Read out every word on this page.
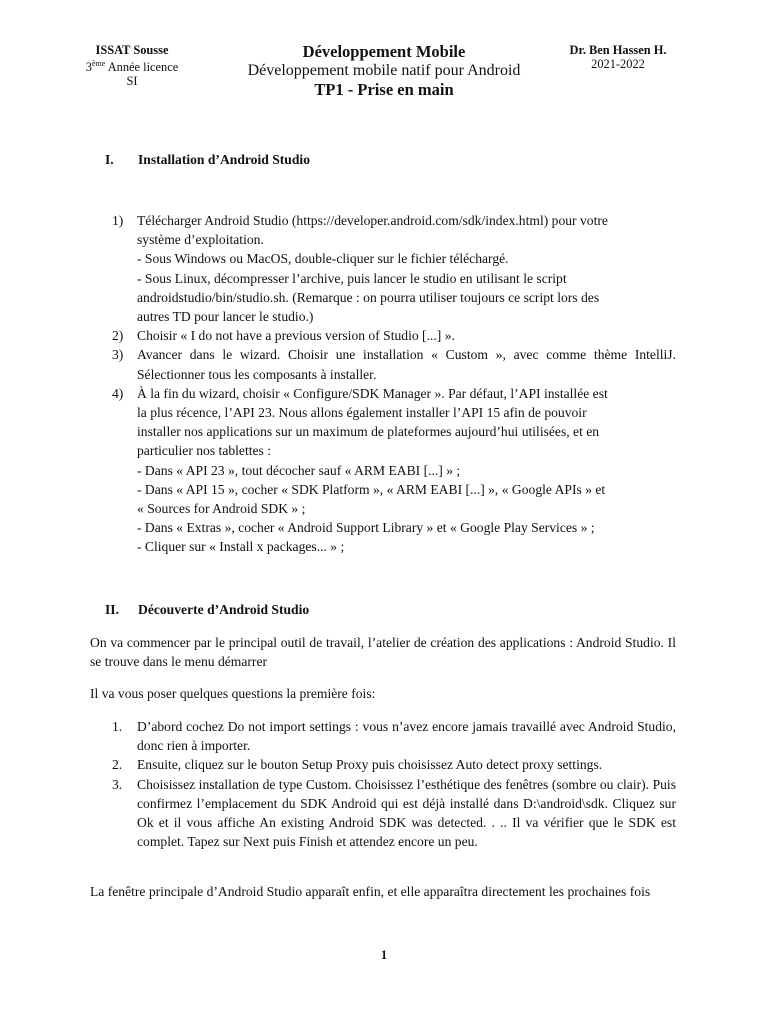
ISSAT Sousse
3ème Année licence
SI
Développement Mobile
Développement mobile natif pour Android
TP1 - Prise en main
Dr. Ben Hassen H.
2021-2022
I. Installation d’Android Studio
1)	Télécharger Android Studio (https://developer.android.com/sdk/index.html) pour votre
système d’exploitation.
- Sous Windows ou MacOS, double-cliquer sur le fichier téléchargé.
- Sous Linux, décompresser l’archive, puis lancer le studio en utilisant le script
androidstudio/bin/studio.sh. (Remarque : on pourra utiliser toujours ce script lors des
autres TD pour lancer le studio.)
2)	Choisir « I do not have a previous version of Studio [...] ».
3)	Avancer dans le wizard. Choisir une installation « Custom », avec comme thème IntelliJ. Sélectionner tous les composants à installer.
4)	À la fin du wizard, choisir « Configure/SDK Manager ». Par défaut, l’API installée est
la plus récence, l’API 23. Nous allons également installer l’API 15 afin de pouvoir
installer nos applications sur un maximum de plateformes aujourd’hui utilisées, et en
particulier nos tablettes :
- Dans « API 23 », tout décocher sauf « ARM EABI [...] » ;
- Dans « API 15 », cocher « SDK Platform », « ARM EABI [...] », « Google APIs » et
« Sources for Android SDK » ;
- Dans « Extras », cocher « Android Support Library » et « Google Play Services » ;
- Cliquer sur « Install x packages... » ;
II. Découverte d’Android Studio
On va commencer par le principal outil de travail, l’atelier de création des applications : Android Studio. Il se trouve dans le menu démarrer
Il va vous poser quelques questions la première fois:
1.	D’abord cochez Do not import settings : vous n’avez encore jamais travaillé avec Android Studio, donc rien à importer.
2.	Ensuite, cliquez sur le bouton Setup Proxy puis choisissez Auto detect proxy settings.
3.	Choisissez installation de type Custom. Choisissez l’esthétique des fenêtres (sombre ou clair). Puis confirmez l’emplacement du SDK Android qui est déjà installé dans D:\android\sdk. Cliquez sur Ok et il vous affiche An existing Android SDK was detected. . .. Il va vérifier que le SDK est complet. Tapez sur Next puis Finish et attendez encore un peu.
La fenêtre principale d’Android Studio apparaît enfin, et elle apparaîtra directement les prochaines fois
1
